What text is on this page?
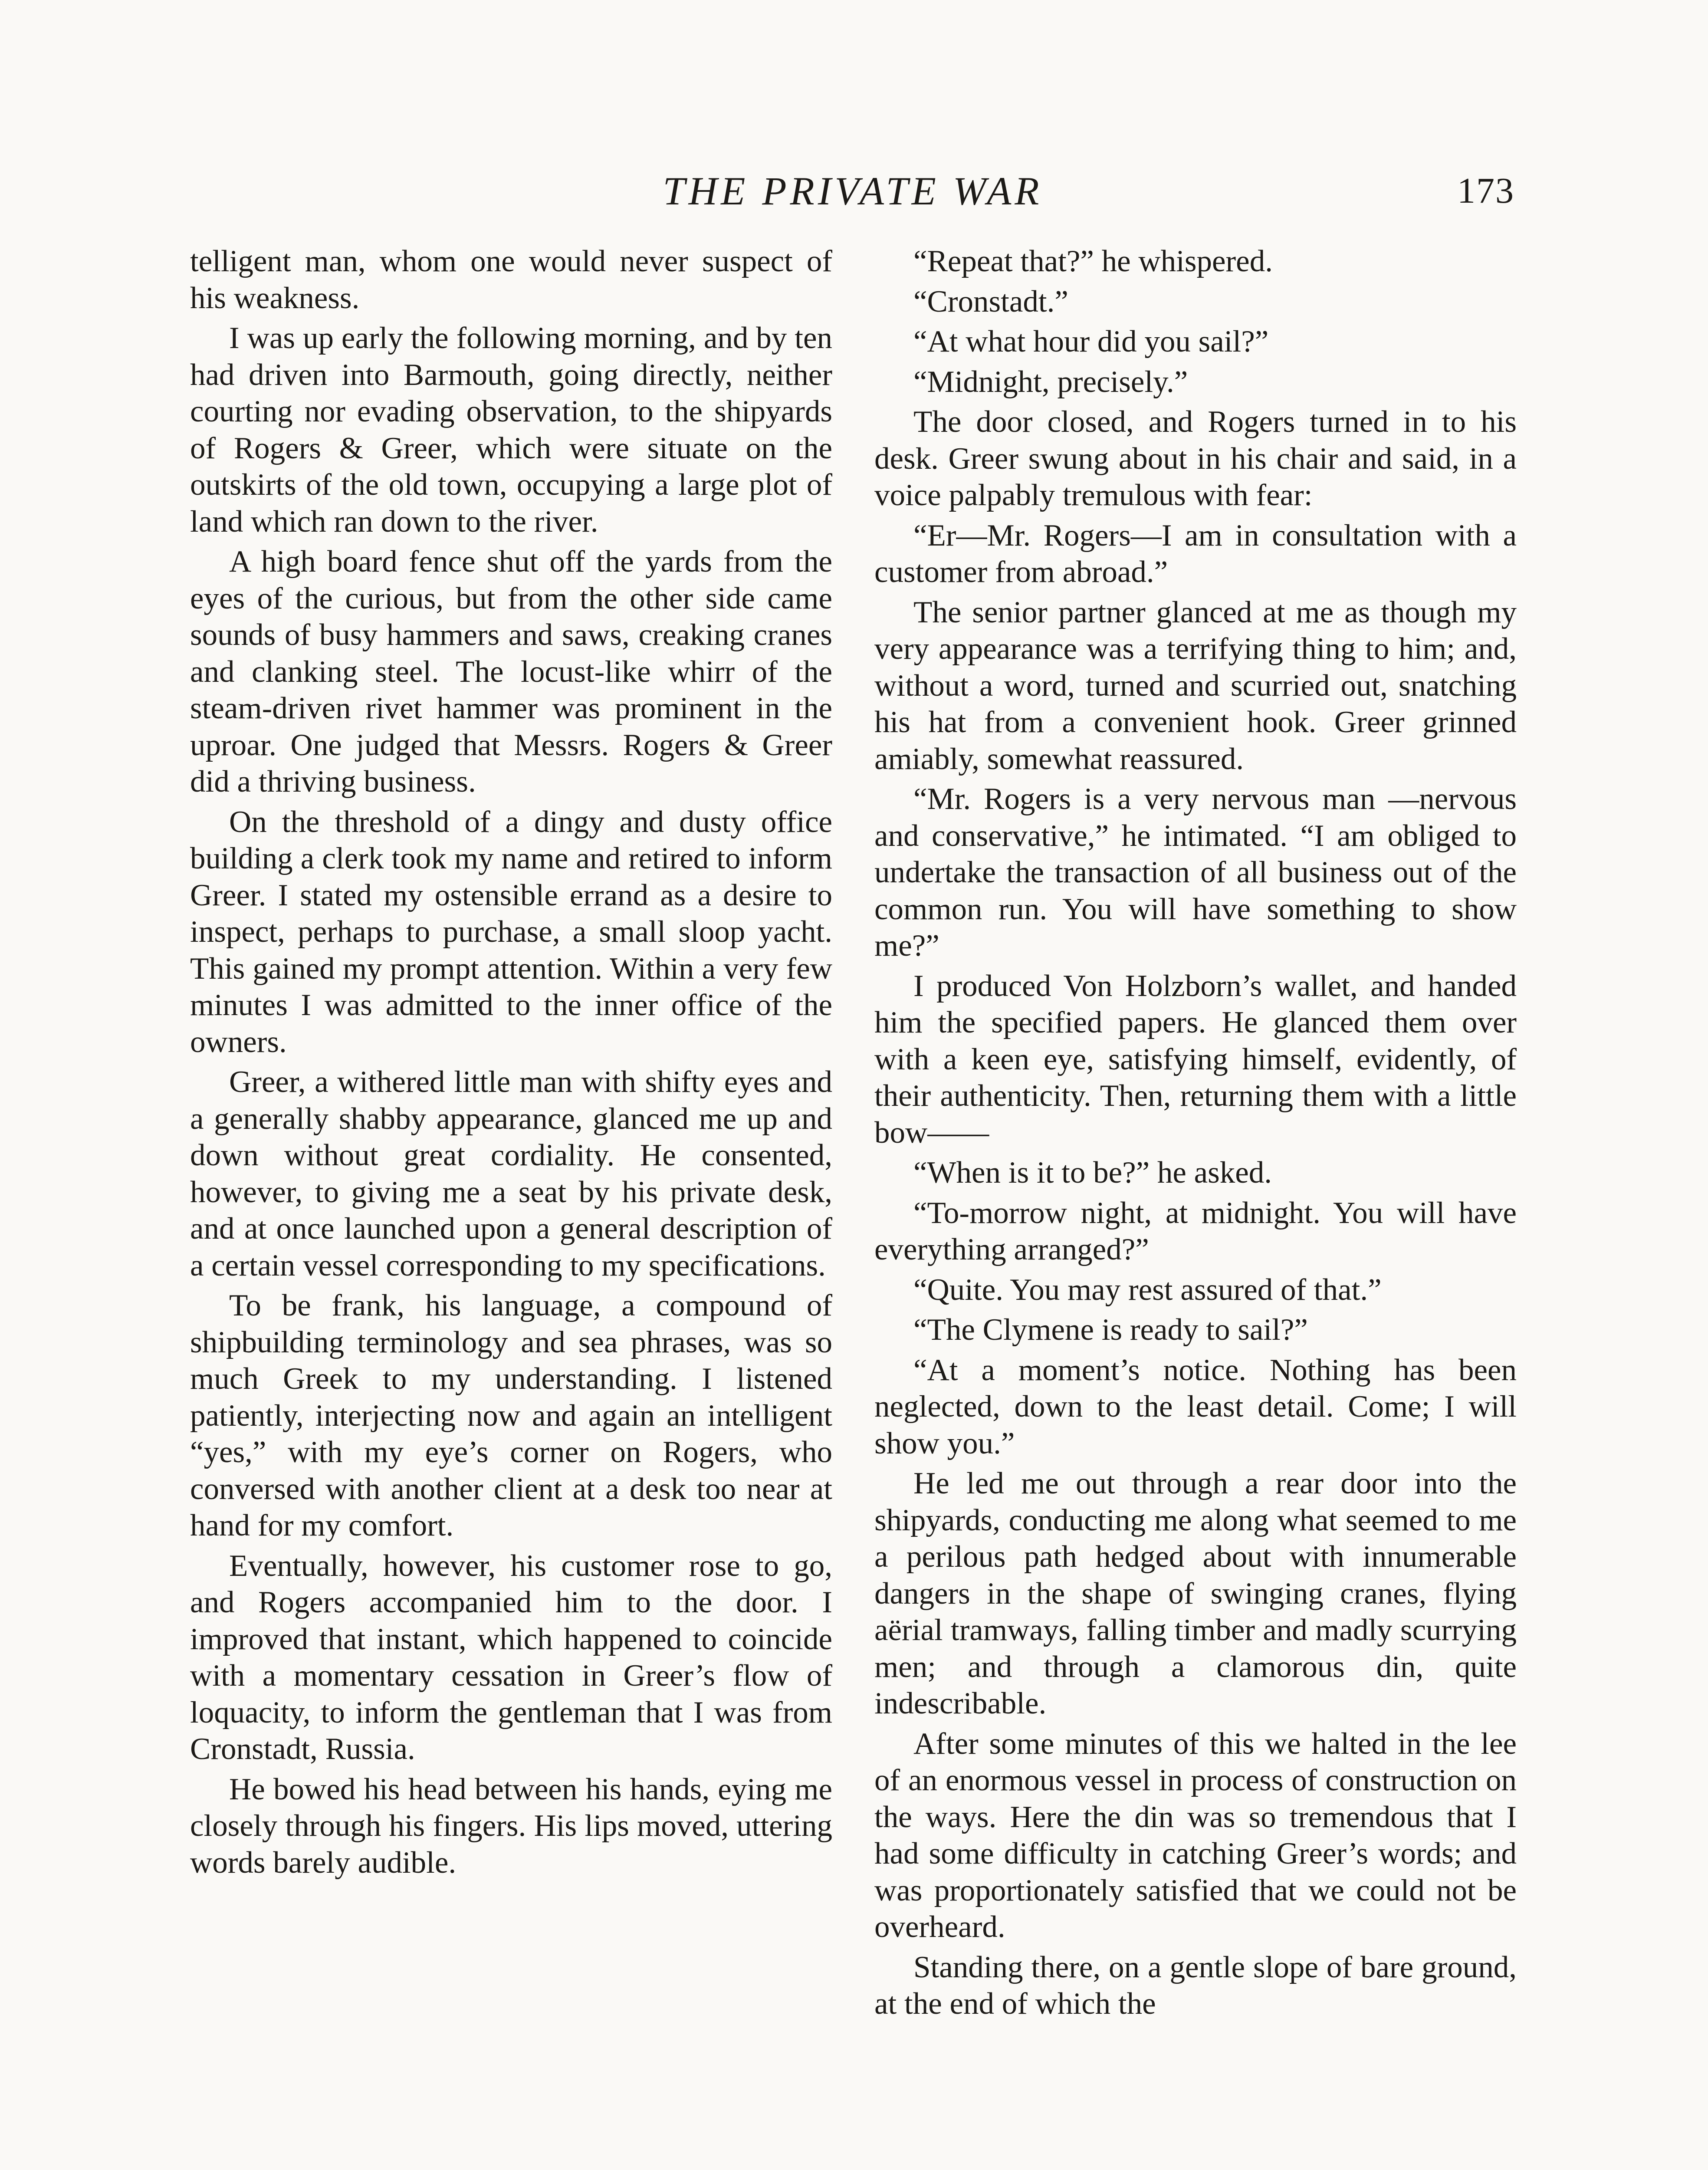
THE PRIVATE WAR	173

telligent man, whom one would never suspect of his weakness.

I was up early the following morning, and by ten had driven into Barmouth, going directly, neither courting nor evading observation, to the shipyards of Rogers & Greer, which were situate on the outskirts of the old town, occupying a large plot of land which ran down to the river.

A high board fence shut off the yards from the eyes of the curious, but from the other side came sounds of busy hammers and saws, creaking cranes and clanking steel. The locust-like whirr of the steam-driven rivet hammer was prominent in the uproar. One judged that Messrs. Rogers & Greer did a thriving business.

On the threshold of a dingy and dusty office building a clerk took my name and retired to inform Greer. I stated my ostensible errand as a desire to inspect, perhaps to purchase, a small sloop yacht. This gained my prompt attention. Within a very few minutes I was admitted to the inner office of the owners.

Greer, a withered little man with shifty eyes and a generally shabby appearance, glanced me up and down without great cordiality. He consented, however, to giving me a seat by his private desk, and at once launched upon a general description of a certain vessel corresponding to my specifications.

To be frank, his language, a compound of shipbuilding terminology and sea phrases, was so much Greek to my understanding. I listened patiently, interjecting now and again an intelligent “yes,” with my eye’s corner on Rogers, who conversed with another client at a desk too near at hand for my comfort.

Eventually, however, his customer rose to go, and Rogers accompanied him to the door. I improved that instant, which happened to coincide with a momentary cessation in Greer’s flow of loquacity, to inform the gentleman that I was from Cronstadt, Russia.

He bowed his head between his hands, eying me closely through his fingers. His lips moved, uttering words barely audible.

“Repeat that?” he whispered.

“Cronstadt.”

“At what hour did you sail?”

“Midnight, precisely.”

The door closed, and Rogers turned in to his desk. Greer swung about in his chair and said, in a voice palpably tremulous with fear:

“Er—Mr. Rogers—I am in consultation with a customer from abroad.”

The senior partner glanced at me as though my very appearance was a terrifying thing to him; and, without a word, turned and scurried out, snatching his hat from a convenient hook. Greer grinned amiably, somewhat reassured.

“Mr. Rogers is a very nervous man —nervous and conservative,” he intimated. “I am obliged to undertake the transaction of all business out of the common run. You will have something to show me?”

I produced Von Holzborn’s wallet, and handed him the specified papers. He glanced them over with a keen eye, satisfying himself, evidently, of their authenticity. Then, returning them with a little bow——

“When is it to be?” he asked.

“To-morrow night, at midnight. You will have everything arranged?”

“Quite. You may rest assured of that.”

“The Clymene is ready to sail?”

“At a moment’s notice. Nothing has been neglected, down to the least detail. Come; I will show you.”

He led me out through a rear door into the shipyards, conducting me along what seemed to me a perilous path hedged about with innumerable dangers in the shape of swinging cranes, flying aërial tramways, falling timber and madly scurrying men; and through a clamorous din, quite indescribable.

After some minutes of this we halted in the lee of an enormous vessel in process of construction on the ways. Here the din was so tremendous that I had some difficulty in catching Greer’s words; and was proportionately satisfied that we could not be overheard.

Standing there, on a gentle slope of bare ground, at the end of which the
